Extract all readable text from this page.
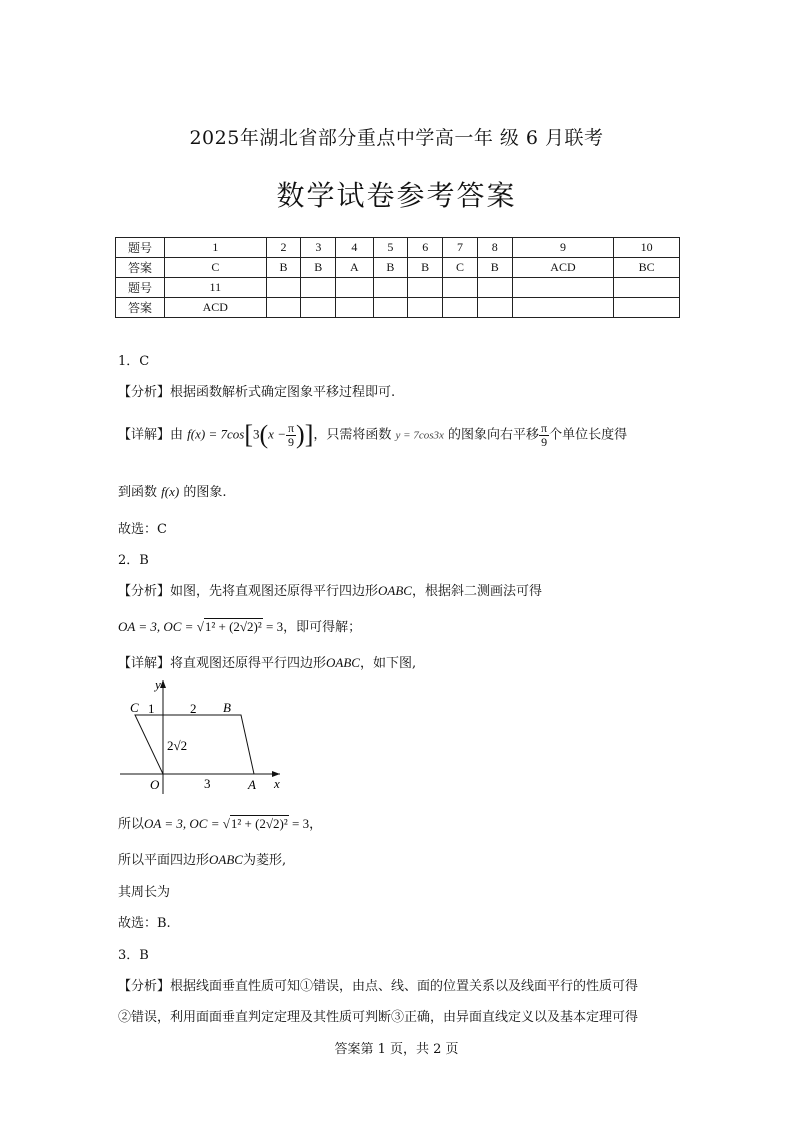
2025年湖北省部分重点中学高一年 级 6 月联考
数学试卷参考答案
题号	1	2	3	4	5	6	7	8	9	10
答案	C	B	B	A	B	B	C	B	ACD	BC
题号	11									
答案	ACD									
1．C
【分析】根据函数解析式确定图象平移过程即可.
【详解】由 $f(x) = 7\cos[3(x - \frac{\pi}{9}$ )]，只需将函数 y = 7cos3x 的图象向右平移 $\frac{\pi}{9}$ 个单位长度得
到函数 f(x) 的图象.
故选：C
2．B
【分析】如图，先将直观图还原得平行四边形OABC，根据斜二测画法可得
OA = 3, OC = √1² + (2√2)² = 3，即可得解；
【详解】将直观图还原得平行四边形OABC，如下图,
y
x
C	B
O	A
1	2
3
2√2
所以OA = 3, OC = √1² + (2√2)² = 3，
所以平面四边形OABC为菱形,
其周长为
故选：B.
3．B
【分析】根据线面垂直性质可知①错误，由点、线、面的位置关系以及线面平行的性质可得
②错误，利用面面垂直判定定理及其性质可判断③正确，由异面直线定义以及基本定理可得
答案第 1 页，共 2 页
